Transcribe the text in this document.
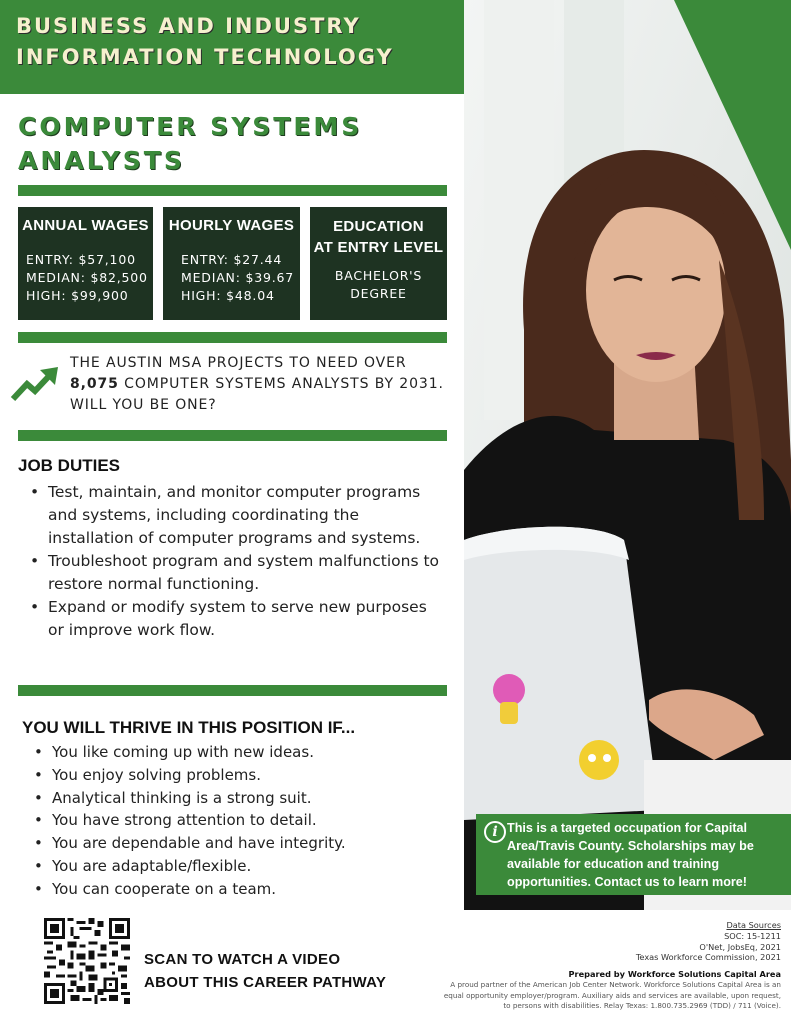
BUSINESS AND INDUSTRY
INFORMATION TECHNOLOGY
COMPUTER SYSTEMS
ANALYSTS
ANNUAL WAGES
ENTRY: $57,100
MEDIAN: $82,500
HIGH: $99,900
HOURLY WAGES
ENTRY: $27.44
MEDIAN: $39.67
HIGH: $48.04
EDUCATION
AT ENTRY LEVEL
BACHELOR'S
DEGREE
THE AUSTIN MSA PROJECTS TO NEED OVER 8,075 COMPUTER SYSTEMS ANALYSTS BY 2031. WILL YOU BE ONE?
JOB DUTIES
• Test, maintain, and monitor computer programs and systems, including coordinating the installation of computer programs and systems.
• Troubleshoot program and system malfunctions to restore normal functioning.
• Expand or modify system to serve new purposes or improve work flow.
YOU WILL THRIVE IN THIS POSITION IF...
• You like coming up with new ideas.
• You enjoy solving problems.
• Analytical thinking is a strong suit.
• You have strong attention to detail.
• You are dependable and have integrity.
• You are adaptable/flexible.
• You can cooperate on a team.
SCAN TO WATCH A VIDEO
ABOUT THIS CAREER PATHWAY
i This is a targeted occupation for Capital Area/Travis County. Scholarships may be available for education and training opportunities. Contact us to learn more!
Data Sources
SOC: 15-1211
O'Net, JobsEq, 2021
Texas Workforce Commission, 2021
Prepared by Workforce Solutions Capital Area
A proud partner of the American Job Center Network. Workforce Solutions Capital Area is an equal opportunity employer/program. Auxiliary aids and services are available, upon request, to persons with disabilities. Relay Texas: 1.800.735.2969 (TDD) / 711 (Voice).
